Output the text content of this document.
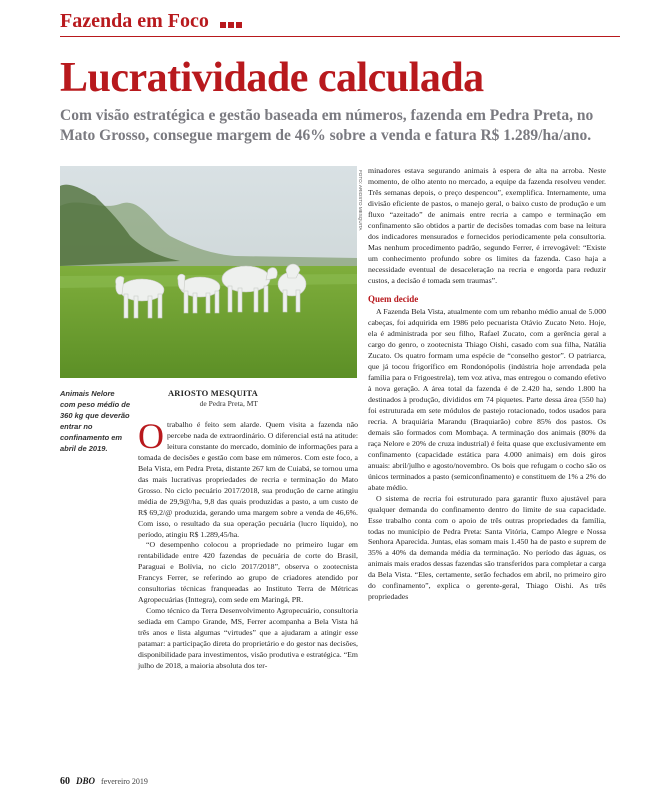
Fazenda em Foco
Lucratividade calculada
Com visão estratégica e gestão baseada em números, fazenda em Pedra Preta, no Mato Grosso, consegue margem de 46% sobre a venda e fatura R$ 1.289/ha/ano.
FOTO: ARIOSTO MESQUITA
Animais Nelore com peso médio de 360 kg que deverão entrar no confinamento em abril de 2019.
ARIOSTO MESQUITA
de Pedra Preta, MT

Otrabalho é feito sem alarde. Quem visita a fazenda não percebe nada de extraordinário. O diferencial está na atitude: leitura constante do mercado, domínio de informações para a tomada de decisões e gestão com base em números. Com este foco, a Bela Vista, em Pedra Preta, distante 267 km de Cuiabá, se tornou uma das mais lucrativas propriedades de recria e terminação do Mato Grosso. No ciclo pecuário 2017/2018, sua produção de carne atingiu média de 29,9@/ha, 9,8 das quais produzidas a pasto, a um custo de R$ 69,2/@ produzida, gerando uma margem sobre a venda de 46,6%. Com isso, o resultado da sua operação pecuária (lucro líquido), no período, atingiu R$ 1.289,45/ha.

“O desempenho colocou a propriedade no primeiro lugar em rentabilidade entre 420 fazendas de pecuária de corte do Brasil, Paraguai e Bolívia, no ciclo 2017/2018”, observa o zootecnista Francys Ferrer, se referindo ao grupo de criadores atendido por consultorias técnicas franqueadas ao Instituto Terra de Métricas Agropecuárias (Inttegra), com sede em Maringá, PR.

Como técnico da Terra Desenvolvimento Agropecuário, consultoria sediada em Campo Grande, MS, Ferrer acompanha a Bela Vista há três anos e lista algumas “virtudes” que a ajudaram a atingir esse patamar: a participação direta do proprietário e do gestor nas decisões, disponibilidade para investimentos, visão produtiva e estratégica. “Em julho de 2018, a maioria absoluta dos ter-

minadores estava segurando animais à espera de alta na arroba. Neste momento, de olho atento no mercado, a equipe da fazenda resolveu vender. Três semanas depois, o preço despencou”, exemplifica. Internamente, uma divisão eficiente de pastos, o manejo geral, o baixo custo de produção e um fluxo “azeitado” de animais entre recria a campo e terminação em confinamento são obtidos a partir de decisões tomadas com base na leitura dos indicadores mensurados e fornecidos periodicamente pela consultoria. Mas nenhum procedimento padrão, segundo Ferrer, é irrevogável: “Existe um conhecimento profundo sobre os limites da fazenda. Caso haja a necessidade eventual de desaceleração na recria e engorda para reduzir custos, a decisão é tomada sem traumas”.

Quem decide

A Fazenda Bela Vista, atualmente com um rebanho médio anual de 5.000 cabeças, foi adquirida em 1986 pelo pecuarista Otávio Zucato Neto. Hoje, ela é administrada por seu filho, Rafael Zucato, com a gerência geral a cargo do genro, o zootecnista Thiago Oishi, casado com sua filha, Natália Zucato. Os quatro formam uma espécie de “conselho gestor”. O patriarca, que já tocou frigorífico em Rondonópolis (indústria hoje arrendada pela família para o Frigoestrela), tem voz ativa, mas entregou o comando efetivo à nova geração. A área total da fazenda é de 2.420 ha, sendo 1.800 ha destinados à produção, divididos em 74 piquetes. Parte dessa área (550 ha) foi estruturada em sete módulos de pastejo rotacionado, todos usados para recria. A braquiária Marandu (Braquiarão) cobre 85% dos pastos. Os demais são formados com Mombaça. A terminação dos animais (80% da raça Nelore e 20% de cruza industrial) é feita quase que exclusivamente em confinamento (capacidade estática para 4.000 animais) em dois giros anuais: abril/julho e agosto/novembro. Os bois que refugam o cocho são os únicos terminados a pasto (semiconfinamento) e constituem de 1% a 2% do abate médio.

O sistema de recria foi estruturado para garantir fluxo ajustável para qualquer demanda do confinamento dentro do limite de sua capacidade. Esse trabalho conta com o apoio de três outras propriedades da família, todas no município de Pedra Preta: Santa Vitória, Campo Alegre e Nossa Senhora Aparecida. Juntas, elas somam mais 1.450 ha de pasto e suprem de 35% a 40% da demanda média da terminação. No período das águas, os animais mais erados dessas fazendas são transferidos para completar a carga da Bela Vista. “Eles, certamente, serão fechados em abril, no primeiro giro do confinamento”, explica o gerente-geral, Thiago Oishi. As três propriedades

60 DBO fevereiro 2019
